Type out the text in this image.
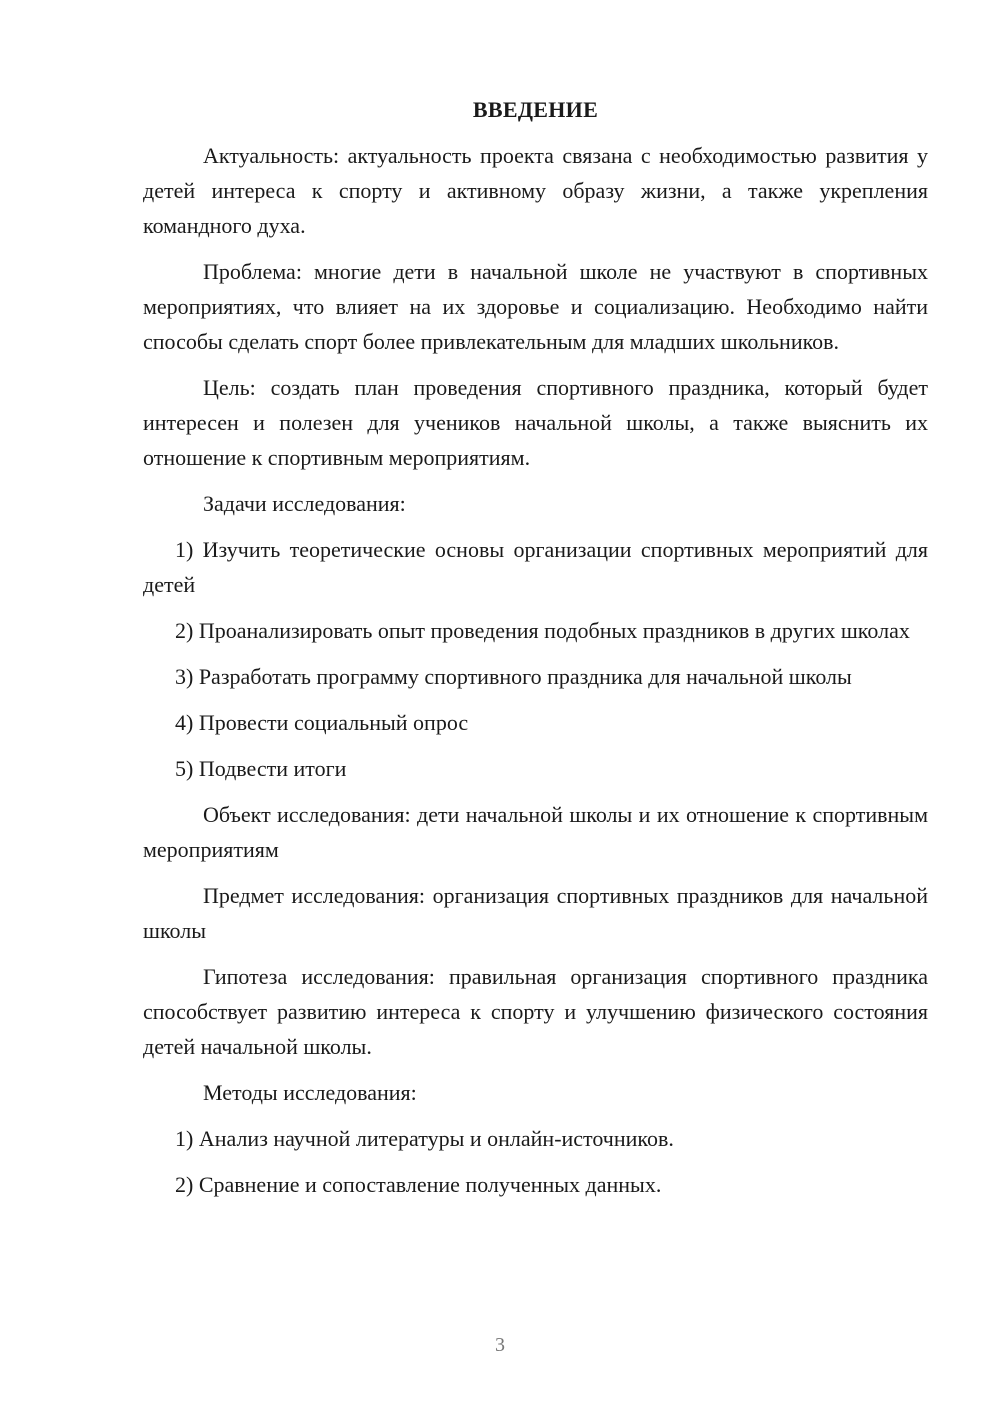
ВВЕДЕНИЕ

Актуальность: актуальность проекта связана с необходимостью развития у детей интереса к спорту и активному образу жизни, а также укрепления командного духа.

Проблема: многие дети в начальной школе не участвуют в спортивных мероприятиях, что влияет на их здоровье и социализацию. Необходимо найти способы сделать спорт более привлекательным для младших школьников.

Цель: создать план проведения спортивного праздника, который будет интересен и полезен для учеников начальной школы, а также выяснить их отношение к спортивным мероприятиям.

Задачи исследования:

1) Изучить теоретические основы организации спортивных мероприятий для детей

2) Проанализировать опыт проведения подобных праздников в других школах

3) Разработать программу спортивного праздника для начальной школы

4) Провести социальный опрос

5) Подвести итоги

Объект исследования: дети начальной школы и их отношение к спортивным мероприятиям

Предмет исследования: организация спортивных праздников для начальной школы

Гипотеза исследования: правильная организация спортивного праздника способствует развитию интереса к спорту и улучшению физического состояния детей начальной школы.

Методы исследования:

1) Анализ научной литературы и онлайн-источников.

2) Сравнение и сопоставление полученных данных.

3
